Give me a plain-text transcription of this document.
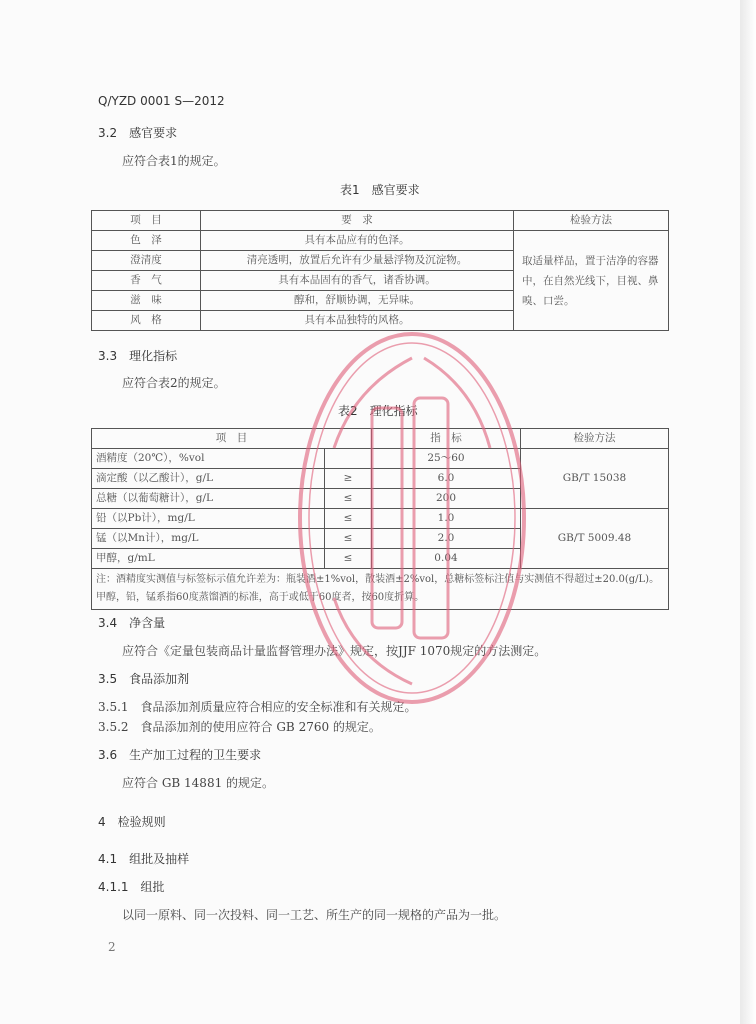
Q/YZD 0001 S—2012
3.2　感官要求
应符合表1的规定。
表1　感官要求
项　目	要　求	检验方法
色　泽	具有本品应有的色泽。	取适量样品，置于洁净的容器中，在自然光线下，目视、鼻嗅、口尝。
澄清度	清亮透明，放置后允许有少量悬浮物及沉淀物。	
香　气	具有本品固有的香气，诸香协调。	
滋　味	醇和，舒顺协调，无异味。	
风　格	具有本品独特的风格。	
3.3　理化指标
应符合表2的规定。
表2　理化指标
项　目		指　标	检验方法
酒精度（20℃），%vol		25～60	GB/T 15038
滴定酸（以乙酸计），g/L	≥	6.0	
总糖（以葡萄糖计），g/L	≤	200	
铅（以Pb计），mg/L	≤	1.0	GB/T 5009.48
锰（以Mn计），mg/L	≤	2.0	
甲醇，g/mL	≤	0.04	
注：酒精度实测值与标签标示值允许差为：瓶装酒±1%vol，散装酒±2%vol，总糖标签标注值与实测值不得超过±20.0(g/L)。甲醇，铅，锰系指60度蒸馏酒的标准，高于或低于60度者，按60度折算。			
3.4　净含量
应符合《定量包装商品计量监督管理办法》规定，按JJF 1070规定的方法测定。
3.5　食品添加剂
3.5.1　食品添加剂质量应符合相应的安全标准和有关规定。
3.5.2　食品添加剂的使用应符合 GB 2760 的规定。
3.6　生产加工过程的卫生要求
应符合 GB 14881 的规定。
4　检验规则
4.1　组批及抽样
4.1.1　组批
以同一原料、同一次投料、同一工艺、所生产的同一规格的产品为一批。
2
